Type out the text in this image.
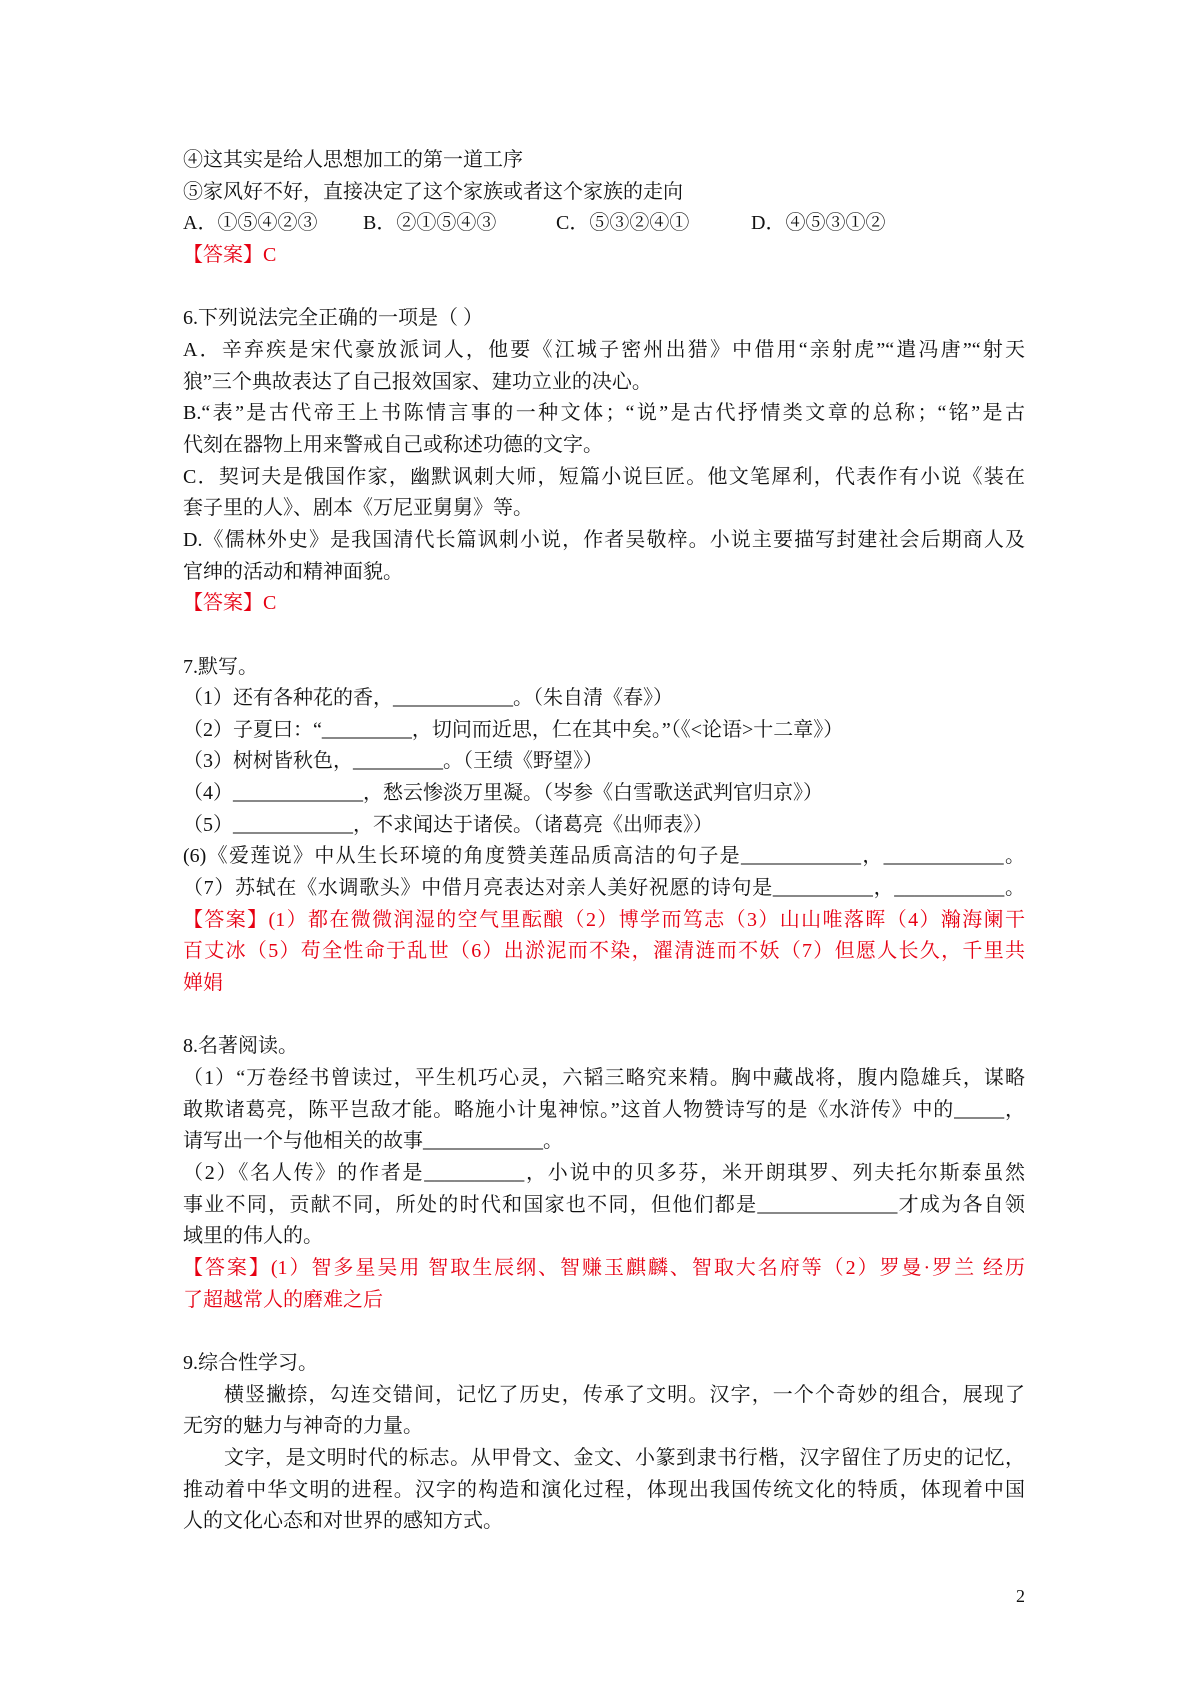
④这其实是给人思想加工的第一道工序
⑤家风好不好，直接决定了这个家族或者这个家族的走向
A．①⑤④②③ B．②①⑤④③	C．⑤③②④①	D．④⑤③①②
【答案】C
6.下列说法完全正确的一项是（ ）
A．辛弃疾是宋代豪放派词人，他要《江城子密州出猎》中借用“亲射虎”“遣冯唐”“射天
狼”三个典故表达了自己报效国家、建功立业的决心。
B.“表”是古代帝王上书陈情言事的一种文体；“说”是古代抒情类文章的总称；“铭”是古
代刻在器物上用来警戒自己或称述功德的文字。
C．契诃夫是俄国作家，幽默讽刺大师，短篇小说巨匠。他文笔犀利，代表作有小说《装在
套子里的人》、剧本《万尼亚舅舅》等。
D.《儒林外史》是我国清代长篇讽刺小说，作者吴敬梓。小说主要描写封建社会后期商人及
官绅的活动和精神面貌。
【答案】C
7.默写。
（1）还有各种花的香，____________。（朱自清《春》）
（2）子夏曰：“_________，切问而近思，仁在其中矣。”（《<论语>十二章》）
（3）树树皆秋色，_________。（王绩《野望》）
（4）_____________，愁云惨淡万里凝。（岑参《白雪歌送武判官归京》）
（5）____________，不求闻达于诸侯。（诸葛亮《出师表》）
(6)《爱莲说》中从生长环境的角度赞美莲品质高洁的句子是____________，____________。
（7）苏轼在《水调歌头》中借月亮表达对亲人美好祝愿的诗句是__________，___________。
【答案】(1）都在微微润湿的空气里酝酿（2）博学而笃志（3）山山唯落晖（4）瀚海阑干
百丈冰（5）苟全性命于乱世（6）出淤泥而不染，濯清涟而不妖（7）但愿人长久，千里共
婵娟
8.名著阅读。
（1）“万卷经书曾读过，平生机巧心灵，六韬三略究来精。胸中藏战将，腹内隐雄兵，谋略
敢欺诸葛亮，陈平岂敌才能。略施小计鬼神惊。”这首人物赞诗写的是《水浒传》中的_____，
请写出一个与他相关的故事____________。
（2）《名人传》的作者是__________，小说中的贝多芬，米开朗琪罗、列夫托尔斯泰虽然
事业不同，贡献不同，所处的时代和国家也不同，但他们都是______________才成为各自领
域里的伟人的。
【答案】(1）智多星吴用 智取生辰纲、智赚玉麒麟、智取大名府等（2）罗曼·罗兰 经历
了超越常人的磨难之后
9.综合性学习。
横竖撇捺，勾连交错间，记忆了历史，传承了文明。汉字，一个个奇妙的组合，展现了
无穷的魅力与神奇的力量。
文字，是文明时代的标志。从甲骨文、金文、小篆到隶书行楷，汉字留住了历史的记忆，
推动着中华文明的进程。汉字的构造和演化过程，体现出我国传统文化的特质，体现着中国
人的文化心态和对世界的感知方式。
2
